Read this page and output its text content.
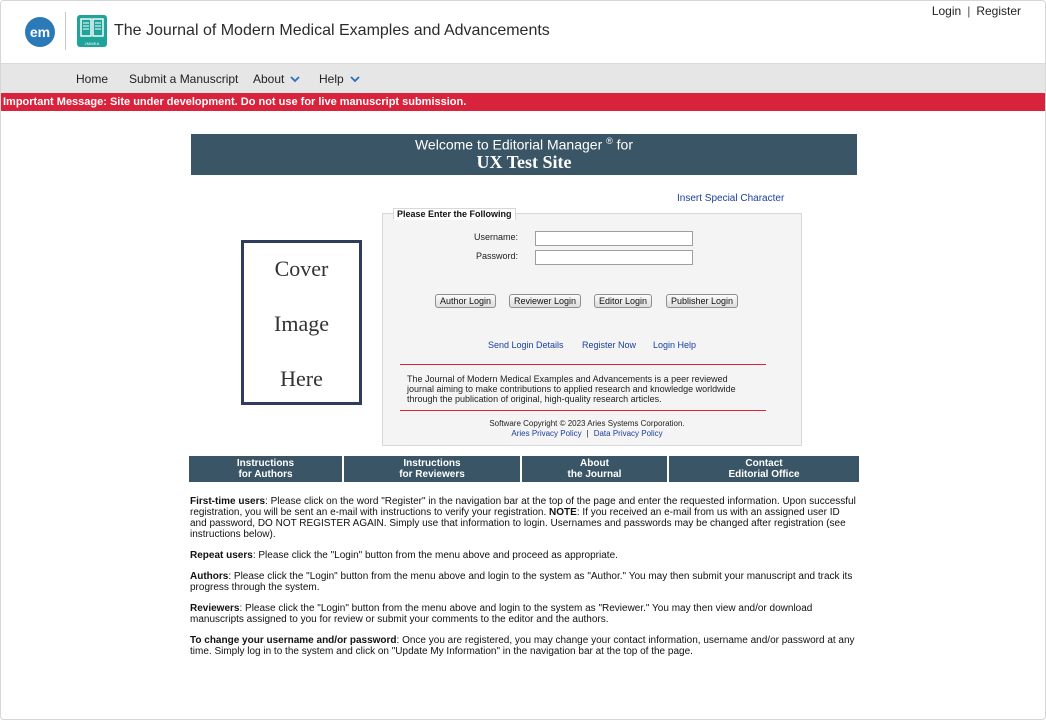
em
JMMEA
The Journal of Modern Medical Examples and Advancements
Login | Register
Home Submit a Manuscript About	Help
Important Message: Site under development. Do not use for live manuscript submission.
Welcome to Editorial Manager ® for
UX Test Site
Insert Special Character
Cover
Image
Here
Please Enter the Following
Username:
Password:
Author Login	Reviewer Login	Editor Login	Publisher Login
Send Login Details Register Now Login Help
The Journal of Modern Medical Examples and Advancements is a peer reviewed journal aiming to make contributions to applied research and knowledge worldwide through the publication of original, high-quality research articles.
Software Copyright © 2023 Aries Systems Corporation.
Aries Privacy Policy | Data Privacy Policy
Instructions
for Authors
Instructions
for Reviewers
About
the Journal
Contact
Editorial Office

First-time users: Please click on the word "Register" in the navigation bar at the top of the page and enter the requested information. Upon successful registration, you will be sent an e-mail with instructions to verify your registration. NOTE: If you received an e-mail from us with an assigned user ID and password, DO NOT REGISTER AGAIN. Simply use that information to login. Usernames and passwords may be changed after registration (see instructions below).

Repeat users: Please click the "Login" button from the menu above and proceed as appropriate.

Authors: Please click the "Login" button from the menu above and login to the system as "Author." You may then submit your manuscript and track its progress through the system.

Reviewers: Please click the "Login" button from the menu above and login to the system as "Reviewer." You may then view and/or download manuscripts assigned to you for review or submit your comments to the editor and the authors.

To change your username and/or password: Once you are registered, you may change your contact information, username and/or password at any time. Simply log in to the system and click on "Update My Information" in the navigation bar at the top of the page.
